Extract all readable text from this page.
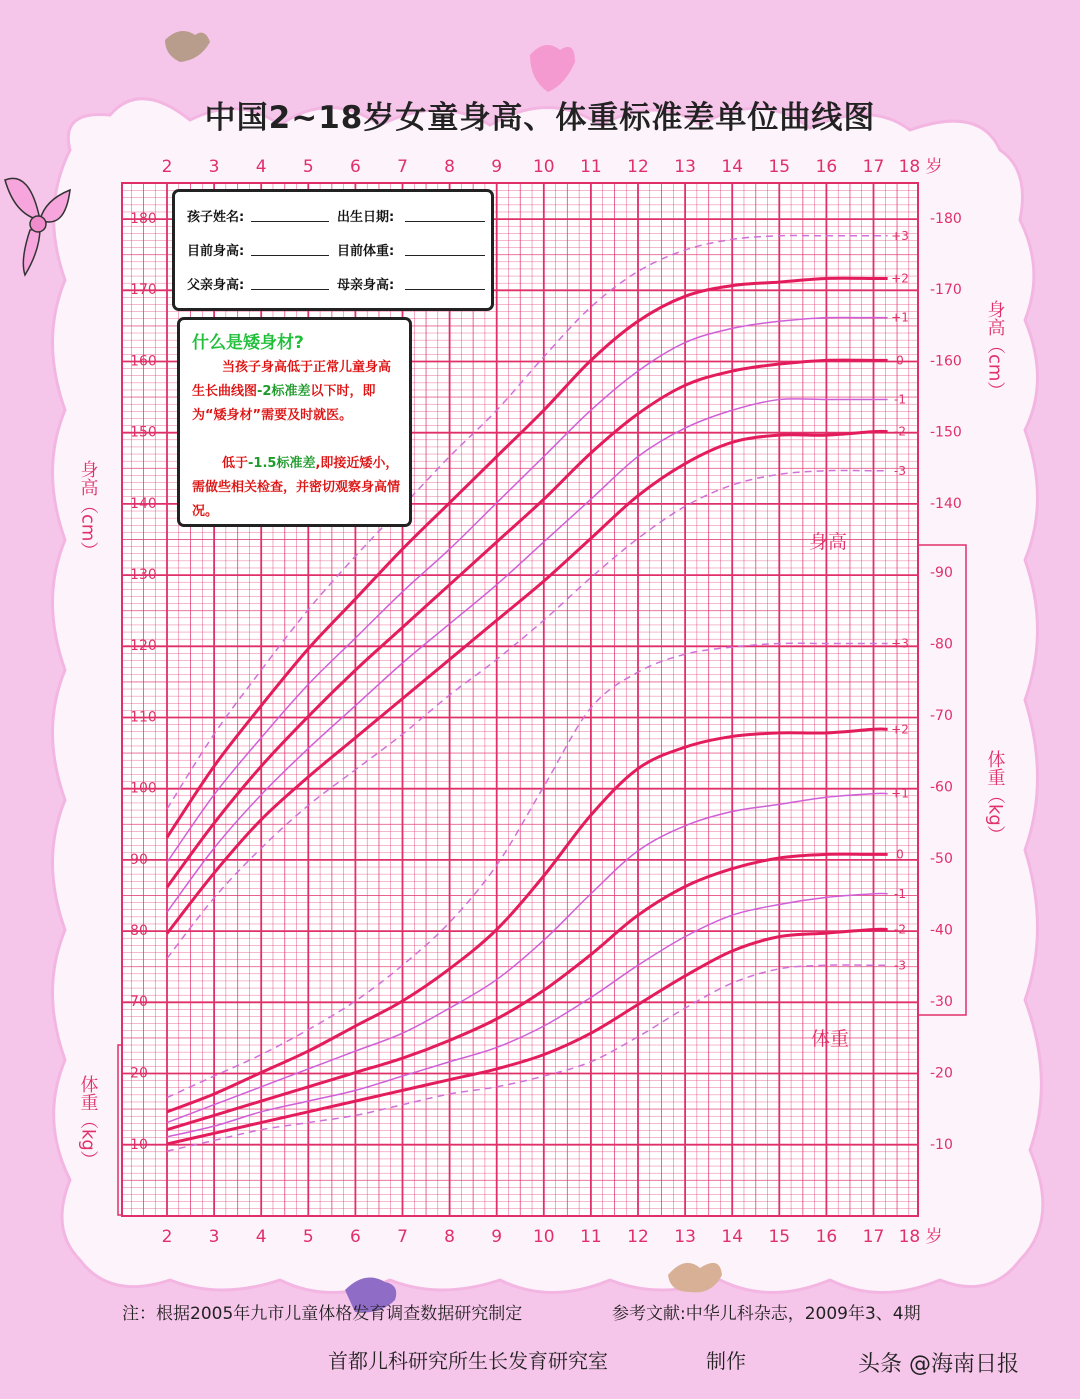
中国2~18岁女童身高、体重标准差单位曲线图
2
2
3
3
4
4
5
5
6
6
7
7
8
8
9
9
10
10
11
11
12
12
13
13
14
14
15
15
16
16
17
17
18 岁
18 岁
-70
-80
-90
-100
-110
-120
-130
-140
-150
-160
-170
-180
-140
-150
-160
-170
-180
-10
-20
-10
-20
-30
-40
-50
-60
-70
-80
-90
身高（cm）
身高（cm）
体重（kg）
体重（kg）
身高
体重
+3
+2
+1
0
-1
-2
-3
+3
+2
+1
0
-1
-2
-3
孩子姓名:	出生日期:
目前身高:	目前体重:
父亲身高:	母亲身高:
什么是矮身材?
当孩子身高低于正常儿童身高生长曲线图-2标准差以下时，即为“矮身材”需要及时就医。
低于-1.5标准差,即接近矮小，需做些相关检查，并密切观察身高情况。
注：根据2005年九市儿童体格发育调查数据研究制定	参考文献:中华儿科杂志，2009年3、4期
首都儿科研究所生长发育研究室	制作	头条 @海南日报
